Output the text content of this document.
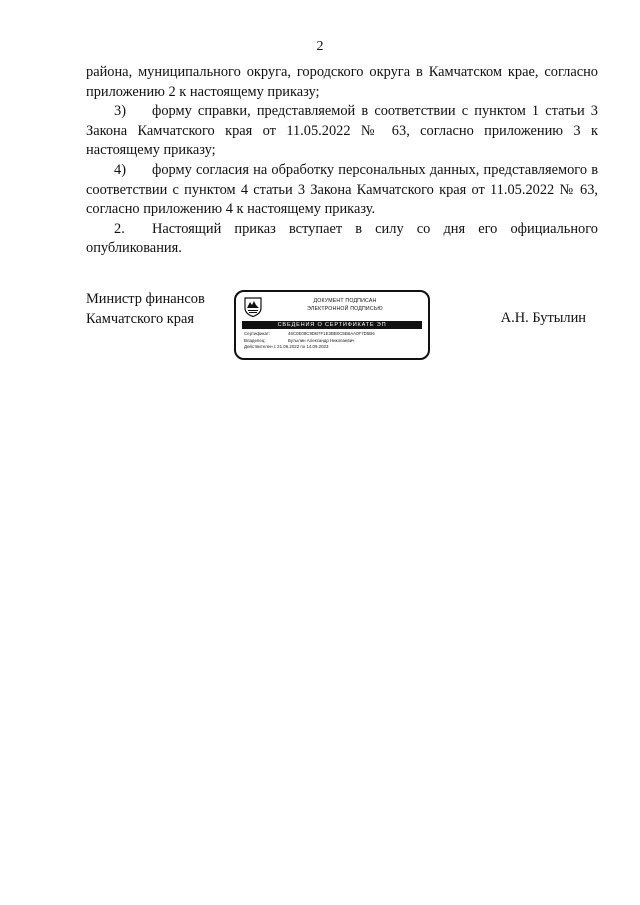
2

района, муниципального округа, городского округа в Камчатском крае, согласно приложению 2 к настоящему приказу;

3) форму справки, представляемой в соответствии с пунктом 1 статьи 3 Закона Камчатского края от 11.05.2022 № 63, согласно приложению 3 к настоящему приказу;

4) форму согласия на обработку персональных данных, представляемого в соответствии с пунктом 4 статьи 3 Закона Камчатского края от 11.05.2022 № 63, согласно приложению 4 к настоящему приказу.

2. Настоящий приказ вступает в силу со дня его официального опубликования.

Министр финансов
Камчатского края
ДОКУМЕНТ ПОДПИСАН
ЭЛЕКТРОННОЙ ПОДПИСЬЮ
СВЕДЕНИЯ О СЕРТИФИКАТЕ ЭП
Сертификат:	46C0E08C9DB7F1E3BB0C5B6AA0F7D5B6
Владелец:	Бутылин Александр Николаевич
Действителен с 21.06.2022 по 14.09.2023
А.Н. Бутылин
